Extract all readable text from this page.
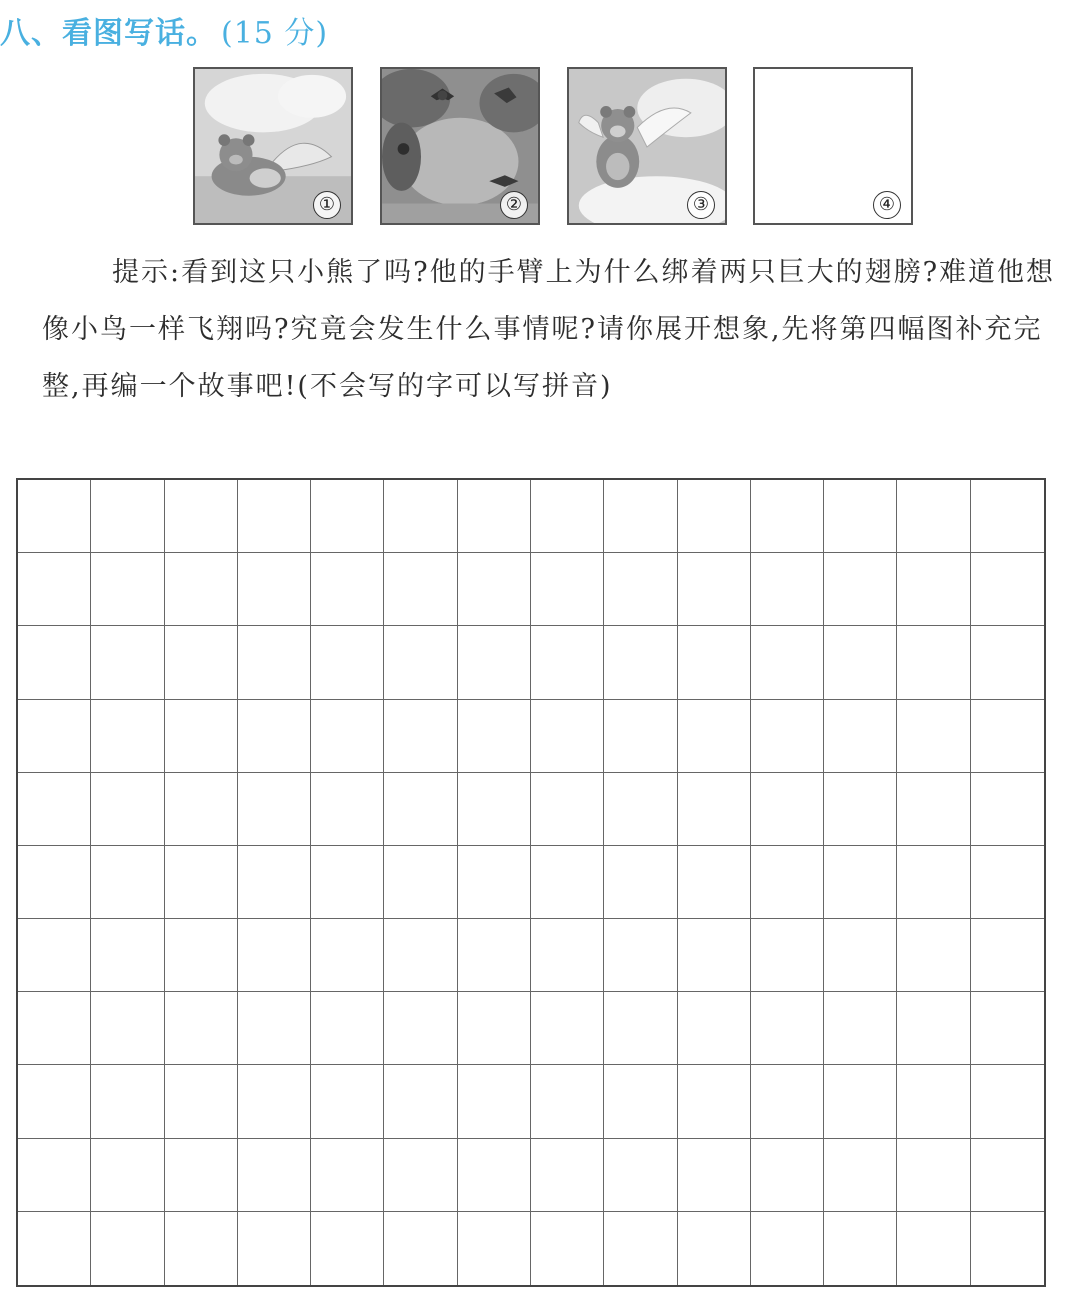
八、看图写话。 (15 分)
①	②	③	④
提示:看到这只小熊了吗?他的手臂上为什么绑着两只巨大的翅膀?难道他想像小鸟一样飞翔吗?究竟会发生什么事情呢?请你展开想象,先将第四幅图补充完整,再编一个故事吧!(不会写的字可以写拼音)
